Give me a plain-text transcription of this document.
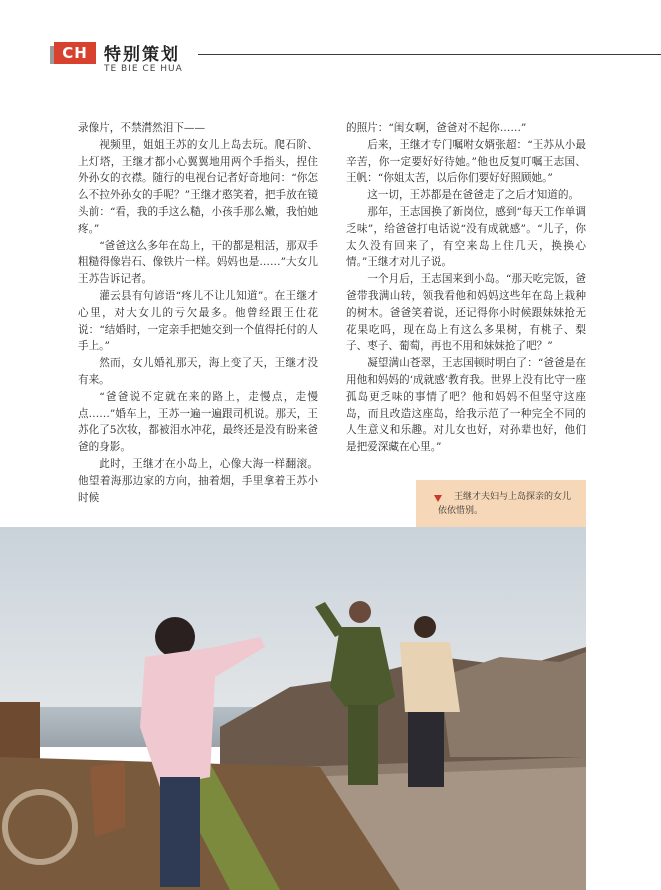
CH 特别策划
TE BIE CE HUA

录像片，不禁潸然泪下——

视频里，姐姐王苏的女儿上岛去玩。爬石阶、上灯塔，王继才都小心翼翼地用两个手指头，捏住外孙女的衣襟。随行的电视台记者好奇地问：“你怎么不拉外孙女的手呢？”王继才憨笑着，把手放在镜头前：“看，我的手这么糙，小孩手那么嫩，我怕她疼。”

“爸爸这么多年在岛上，干的都是粗活，那双手粗糙得像岩石、像铁片一样。妈妈也是……”大女儿王苏告诉记者。

灌云县有句谚语“疼儿不让儿知道”。在王继才心里，对大女儿的亏欠最多。他曾经跟王仕花说：“结婚时，一定亲手把她交到一个值得托付的人手上。”

然而，女儿婚礼那天，海上变了天，王继才没有来。

“爸爸说不定就在来的路上，走慢点，走慢点……”婚车上，王苏一遍一遍跟司机说。那天，王苏化了5次妆，都被泪水冲花，最终还是没有盼来爸爸的身影。

此时，王继才在小岛上，心像大海一样翻滚。他望着海那边家的方向，抽着烟，手里拿着王苏小时候

的照片：“闺女啊，爸爸对不起你……”

后来，王继才专门嘱咐女婿张超：“王苏从小最辛苦，你一定要好好待她。”他也反复叮嘱王志国、王帆：“你姐太苦，以后你们要好好照顾她。”

这一切，王苏都是在爸爸走了之后才知道的。

那年，王志国换了新岗位，感到“每天工作单调乏味”，给爸爸打电话说“没有成就感”。“儿子，你太久没有回来了，有空来岛上住几天，换换心情。”王继才对儿子说。

一个月后，王志国来到小岛。“那天吃完饭，爸爸带我满山转，领我看他和妈妈这些年在岛上栽种的树木。爸爸笑着说，还记得你小时候跟妹妹抢无花果吃吗，现在岛上有这么多果树，有桃子、梨子、枣子、葡萄，再也不用和妹妹抢了吧？”

凝望满山苍翠，王志国顿时明白了：“爸爸是在用他和妈妈的‘成就感’教育我。世界上没有比守一座孤岛更乏味的事情了吧？他和妈妈不但坚守这座岛，而且改造这座岛，给我示范了一种完全不同的人生意义和乐趣。对儿女也好，对孙辈也好，他们是把爱深藏在心里。”

王继才夫妇与上岛探亲的女儿依依惜别。
